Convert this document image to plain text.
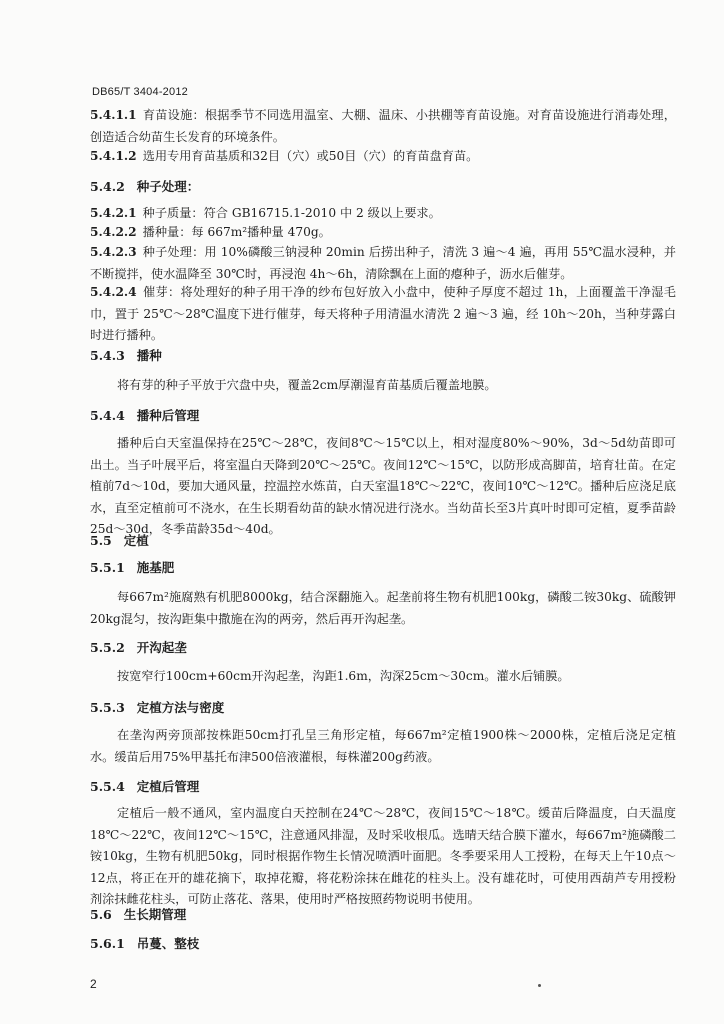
DB65/T 3404-2012

5.4.1.1 育苗设施：根据季节不同选用温室、大棚、温床、小拱棚等育苗设施。对育苗设施进行消毒处理，创造适合幼苗生长发育的环境条件。

5.4.1.2 选用专用育苗基质和32目（穴）或50目（穴）的育苗盘育苗。

5.4.2 种子处理：

5.4.2.1 种子质量：符合 GB16715.1-2010 中 2 级以上要求。

5.4.2.2 播种量：每 667m²播种量 470g。

5.4.2.3 种子处理：用 10%磷酸三钠浸种 20min 后捞出种子，清洗 3 遍～4 遍，再用 55℃温水浸种，并不断搅拌，使水温降至 30℃时，再浸泡 4h～6h，清除飘在上面的瘪种子，沥水后催芽。

5.4.2.4 催芽：将处理好的种子用干净的纱布包好放入小盘中，使种子厚度不超过 1h，上面覆盖干净湿毛巾，置于 25℃～28℃温度下进行催芽，每天将种子用清温水清洗 2 遍～3 遍，经 10h～20h，当种芽露白时进行播种。

5.4.3 播种

将有芽的种子平放于穴盘中央，覆盖2cm厚潮湿育苗基质后覆盖地膜。

5.4.4 播种后管理

播种后白天室温保持在25℃～28℃，夜间8℃～15℃以上，相对湿度80%～90%，3d～5d幼苗即可出土。当子叶展平后，将室温白天降到20℃～25℃。夜间12℃～15℃，以防形成高脚苗，培育壮苗。在定植前7d～10d，要加大通风量，控温控水炼苗，白天室温18℃～22℃，夜间10℃～12℃。播种后应浇足底水，直至定植前可不浇水，在生长期看幼苗的缺水情况进行浇水。当幼苗长至3片真叶时即可定植，夏季苗龄25d～30d，冬季苗龄35d～40d。

5.5 定植

5.5.1 施基肥

每667m²施腐熟有机肥8000kg，结合深翻施入。起垄前将生物有机肥100kg，磷酸二铵30kg、硫酸钾20kg混匀，按沟距集中撒施在沟的两旁，然后再开沟起垄。

5.5.2 开沟起垄

按宽窄行100cm+60cm开沟起垄，沟距1.6m，沟深25cm～30cm。灌水后铺膜。

5.5.3 定植方法与密度

在垄沟两旁顶部按株距50cm打孔呈三角形定植，每667m²定植1900株～2000株，定植后浇足定植水。缓苗后用75%甲基托布津500倍液灌根，每株灌200g药液。

5.5.4 定植后管理

定植后一般不通风，室内温度白天控制在24℃～28℃，夜间15℃～18℃。缓苗后降温度，白天温度18℃～22℃，夜间12℃～15℃，注意通风排湿，及时采收根瓜。选晴天结合膜下灌水，每667m²施磷酸二铵10kg，生物有机肥50kg，同时根据作物生长情况喷洒叶面肥。冬季要采用人工授粉，在每天上午10点～12点，将正在开的雄花摘下，取掉花瓣，将花粉涂抹在雌花的柱头上。没有雄花时，可使用西葫芦专用授粉剂涂抹雌花柱头，可防止落花、落果，使用时严格按照药物说明书使用。

5.6 生长期管理

5.6.1 吊蔓、整枝

2
